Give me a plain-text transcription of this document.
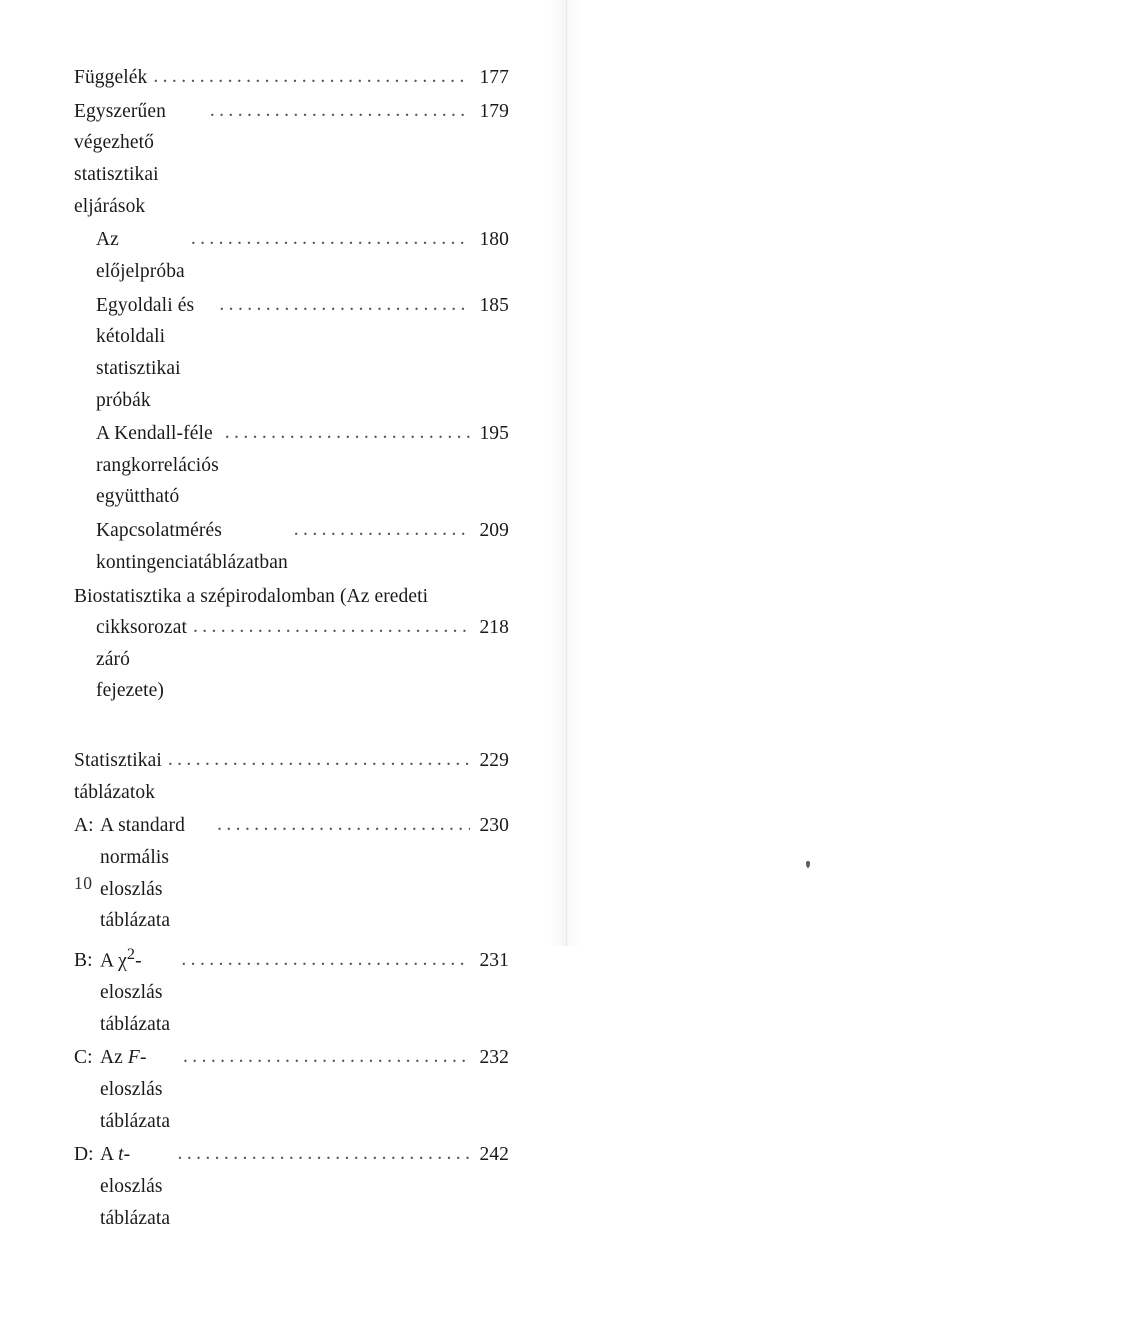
Függelék .....	177
Egyszerűen végezhető statisztikai eljárások
.....
179
Az előjelpróba
.....
180
Egyoldali és kétoldali statisztikai próbák
.....
185
A Kendall-féle rangkorrelációs együttható
.....
195
Kapcsolatmérés kontingenciatáblázatban
.....
209
Biostatisztika a szépirodalomban (Az eredeti
cikksorozat záró fejezete)
.....
218
Statisztikai táblázatok
.....
229
A: A standard normális eloszlás táblázata
.....
230
B: A $\chi^2$-eloszlás táblázata
.....
231
C: Az F-eloszlás táblázata
.....
232
D: A t-eloszlás táblázata
.....
242
10
